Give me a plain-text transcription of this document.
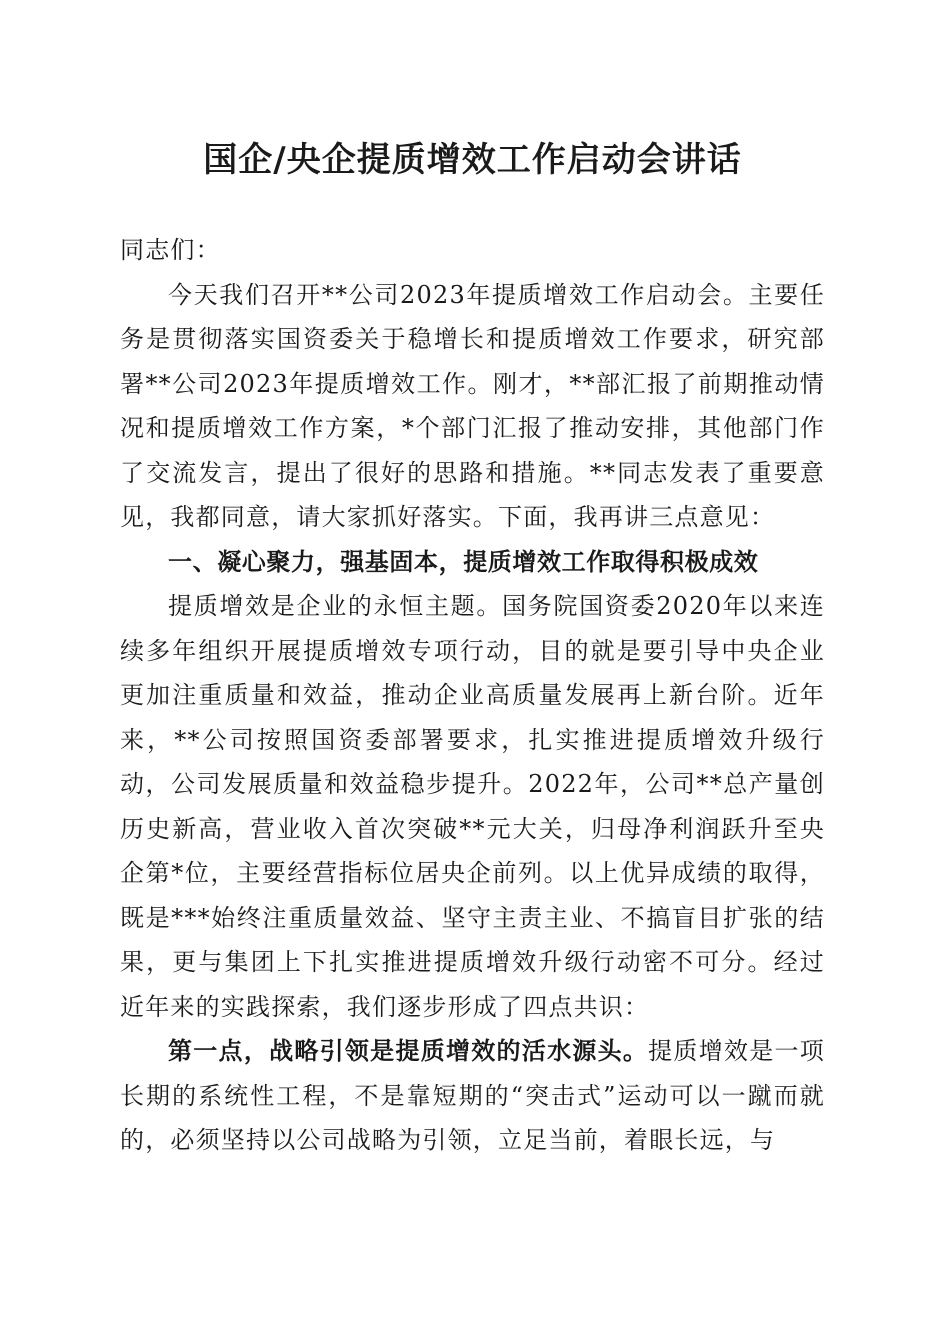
国企/央企提质增效工作启动会讲话

同志们：

今天我们召开**公司2023年提质增效工作启动会。主要任务是贯彻落实国资委关于稳增长和提质增效工作要求，研究部署**公司2023年提质增效工作。刚才，**部汇报了前期推动情况和提质增效工作方案，*个部门汇报了推动安排，其他部门作了交流发言，提出了很好的思路和措施。**同志发表了重要意见，我都同意，请大家抓好落实。下面，我再讲三点意见：

一、凝心聚力，强基固本，提质增效工作取得积极成效

提质增效是企业的永恒主题。国务院国资委2020年以来连续多年组织开展提质增效专项行动，目的就是要引导中央企业更加注重质量和效益，推动企业高质量发展再上新台阶。近年来，**公司按照国资委部署要求，扎实推进提质增效升级行动，公司发展质量和效益稳步提升。2022年，公司**总产量创历史新高，营业收入首次突破**元大关，归母净利润跃升至央企第*位，主要经营指标位居央企前列。以上优异成绩的取得，既是***始终注重质量效益、坚守主责主业、不搞盲目扩张的结果，更与集团上下扎实推进提质增效升级行动密不可分。经过近年来的实践探索，我们逐步形成了四点共识：

第一点，战略引领是提质增效的活水源头。提质增效是一项长期的系统性工程，不是靠短期的“突击式”运动可以一蹴而就的，必须坚持以公司战略为引领，立足当前，着眼长远，与
